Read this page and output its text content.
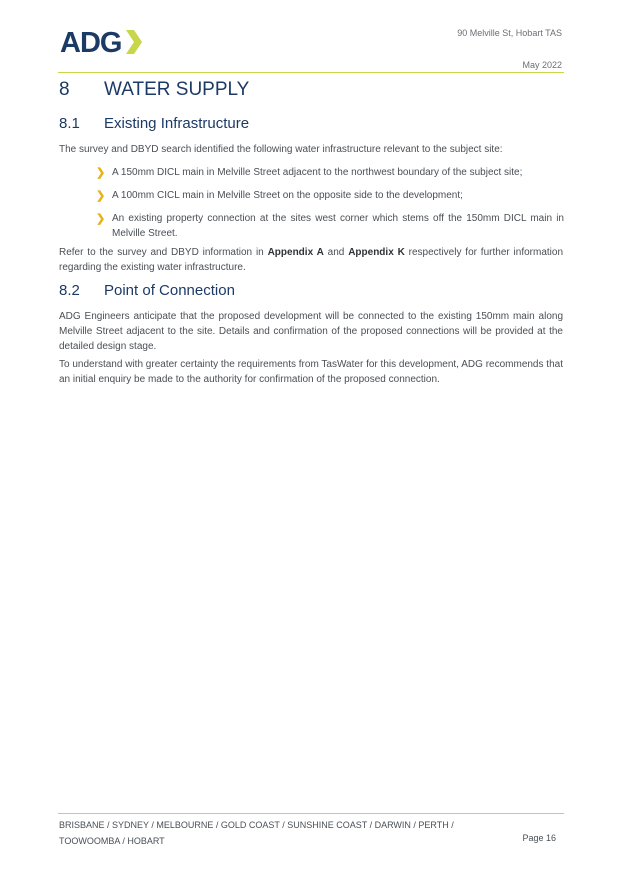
ADG	90 Melville St, Hobart TAS
May 2022
8 WATER SUPPLY
8.1 Existing Infrastructure

The survey and DBYD search identified the following water infrastructure relevant to the subject site:

❯ A 150mm DICL main in Melville Street adjacent to the northwest boundary of the subject site;
❯ A 100mm CICL main in Melville Street on the opposite side to the development;
❯ An existing property connection at the sites west corner which stems off the 150mm DICL main in Melville Street.

Refer to the survey and DBYD information in Appendix A and Appendix K respectively for further information regarding the existing water infrastructure.

8.2 Point of Connection

ADG Engineers anticipate that the proposed development will be connected to the existing 150mm main along Melville Street adjacent to the site. Details and confirmation of the proposed connections will be provided at the detailed design stage.

To understand with greater certainty the requirements from TasWater for this development, ADG recommends that an initial enquiry be made to the authority for confirmation of the proposed connection.

BRISBANE / SYDNEY / MELBOURNE / GOLD COAST / SUNSHINE COAST / DARWIN / PERTH / TOOWOOMBA / HOBART	Page 16
